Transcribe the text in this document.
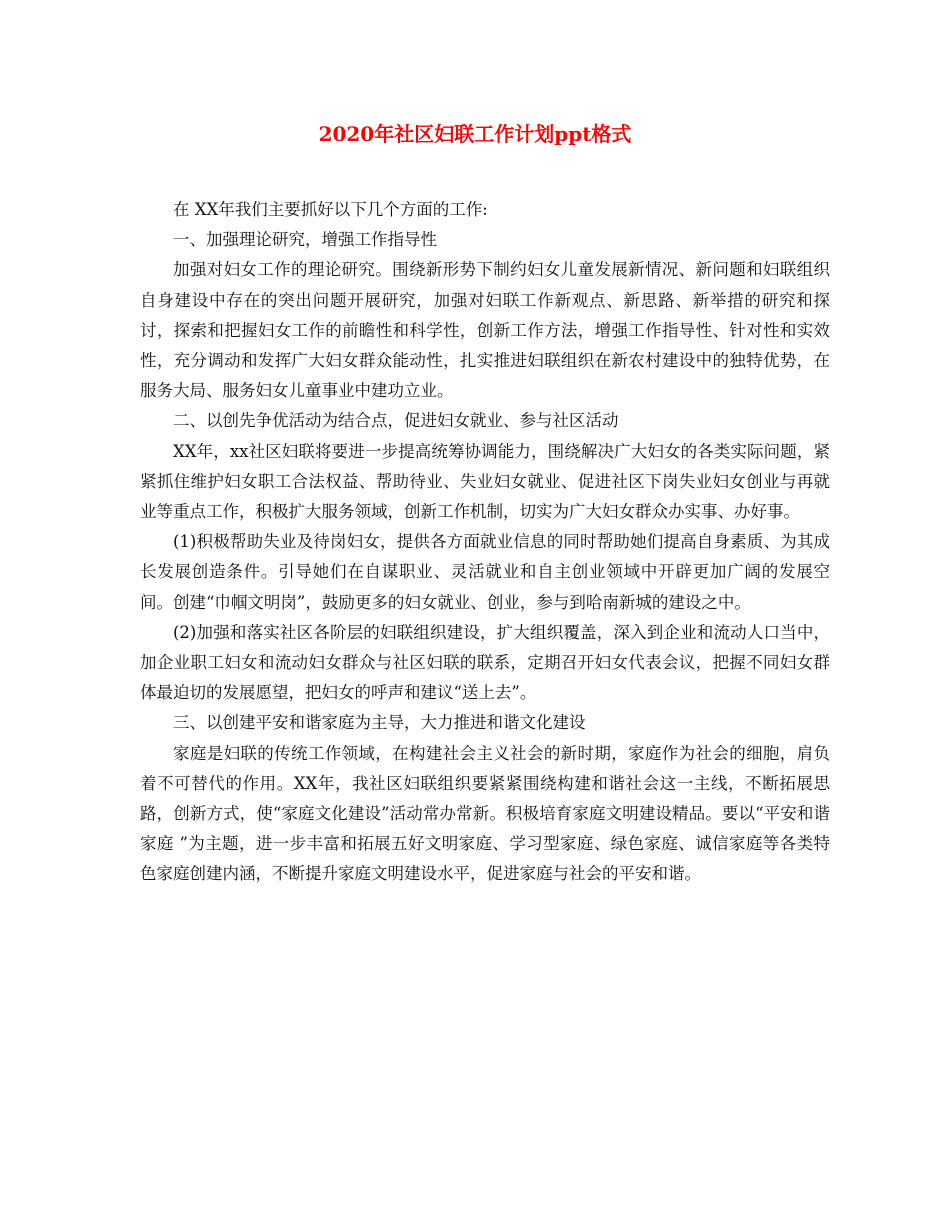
2020年社区妇联工作计划ppt格式

在 XX年我们主要抓好以下几个方面的工作:

一、加强理论研究，增强工作指导性

加强对妇女工作的理论研究。围绕新形势下制约妇女儿童发展新情况、新问题和妇联组织自身建设中存在的突出问题开展研究，加强对妇联工作新观点、新思路、新举措的研究和探讨，探索和把握妇女工作的前瞻性和科学性，创新工作方法，增强工作指导性、针对性和实效性，充分调动和发挥广大妇女群众能动性，扎实推进妇联组织在新农村建设中的独特优势，在服务大局、服务妇女儿童事业中建功立业。

二、以创先争优活动为结合点，促进妇女就业、参与社区活动

XX年，xx社区妇联将要进一步提高统筹协调能力，围绕解决广大妇女的各类实际问题，紧紧抓住维护妇女职工合法权益、帮助待业、失业妇女就业、促进社区下岗失业妇女创业与再就业等重点工作，积极扩大服务领域，创新工作机制，切实为广大妇女群众办实事、办好事。

(1)积极帮助失业及待岗妇女，提供各方面就业信息的同时帮助她们提高自身素质、为其成长发展创造条件。引导她们在自谋职业、灵活就业和自主创业领域中开辟更加广阔的发展空间。创建“巾帼文明岗”，鼓励更多的妇女就业、创业，参与到哈南新城的建设之中。

(2)加强和落实社区各阶层的妇联组织建设，扩大组织覆盖，深入到企业和流动人口当中，加企业职工妇女和流动妇女群众与社区妇联的联系，定期召开妇女代表会议，把握不同妇女群体最迫切的发展愿望，把妇女的呼声和建议“送上去”。

三、以创建平安和谐家庭为主导，大力推进和谐文化建设

家庭是妇联的传统工作领域，在构建社会主义社会的新时期，家庭作为社会的细胞，肩负着不可替代的作用。XX年，我社区妇联组织要紧紧围绕构建和谐社会这一主线，不断拓展思路，创新方式，使“家庭文化建设”活动常办常新。积极培育家庭文明建设精品。要以“平安和谐家庭 ”为主题，进一步丰富和拓展五好文明家庭、学习型家庭、绿色家庭、诚信家庭等各类特色家庭创建内涵，不断提升家庭文明建设水平，促进家庭与社会的平安和谐。
